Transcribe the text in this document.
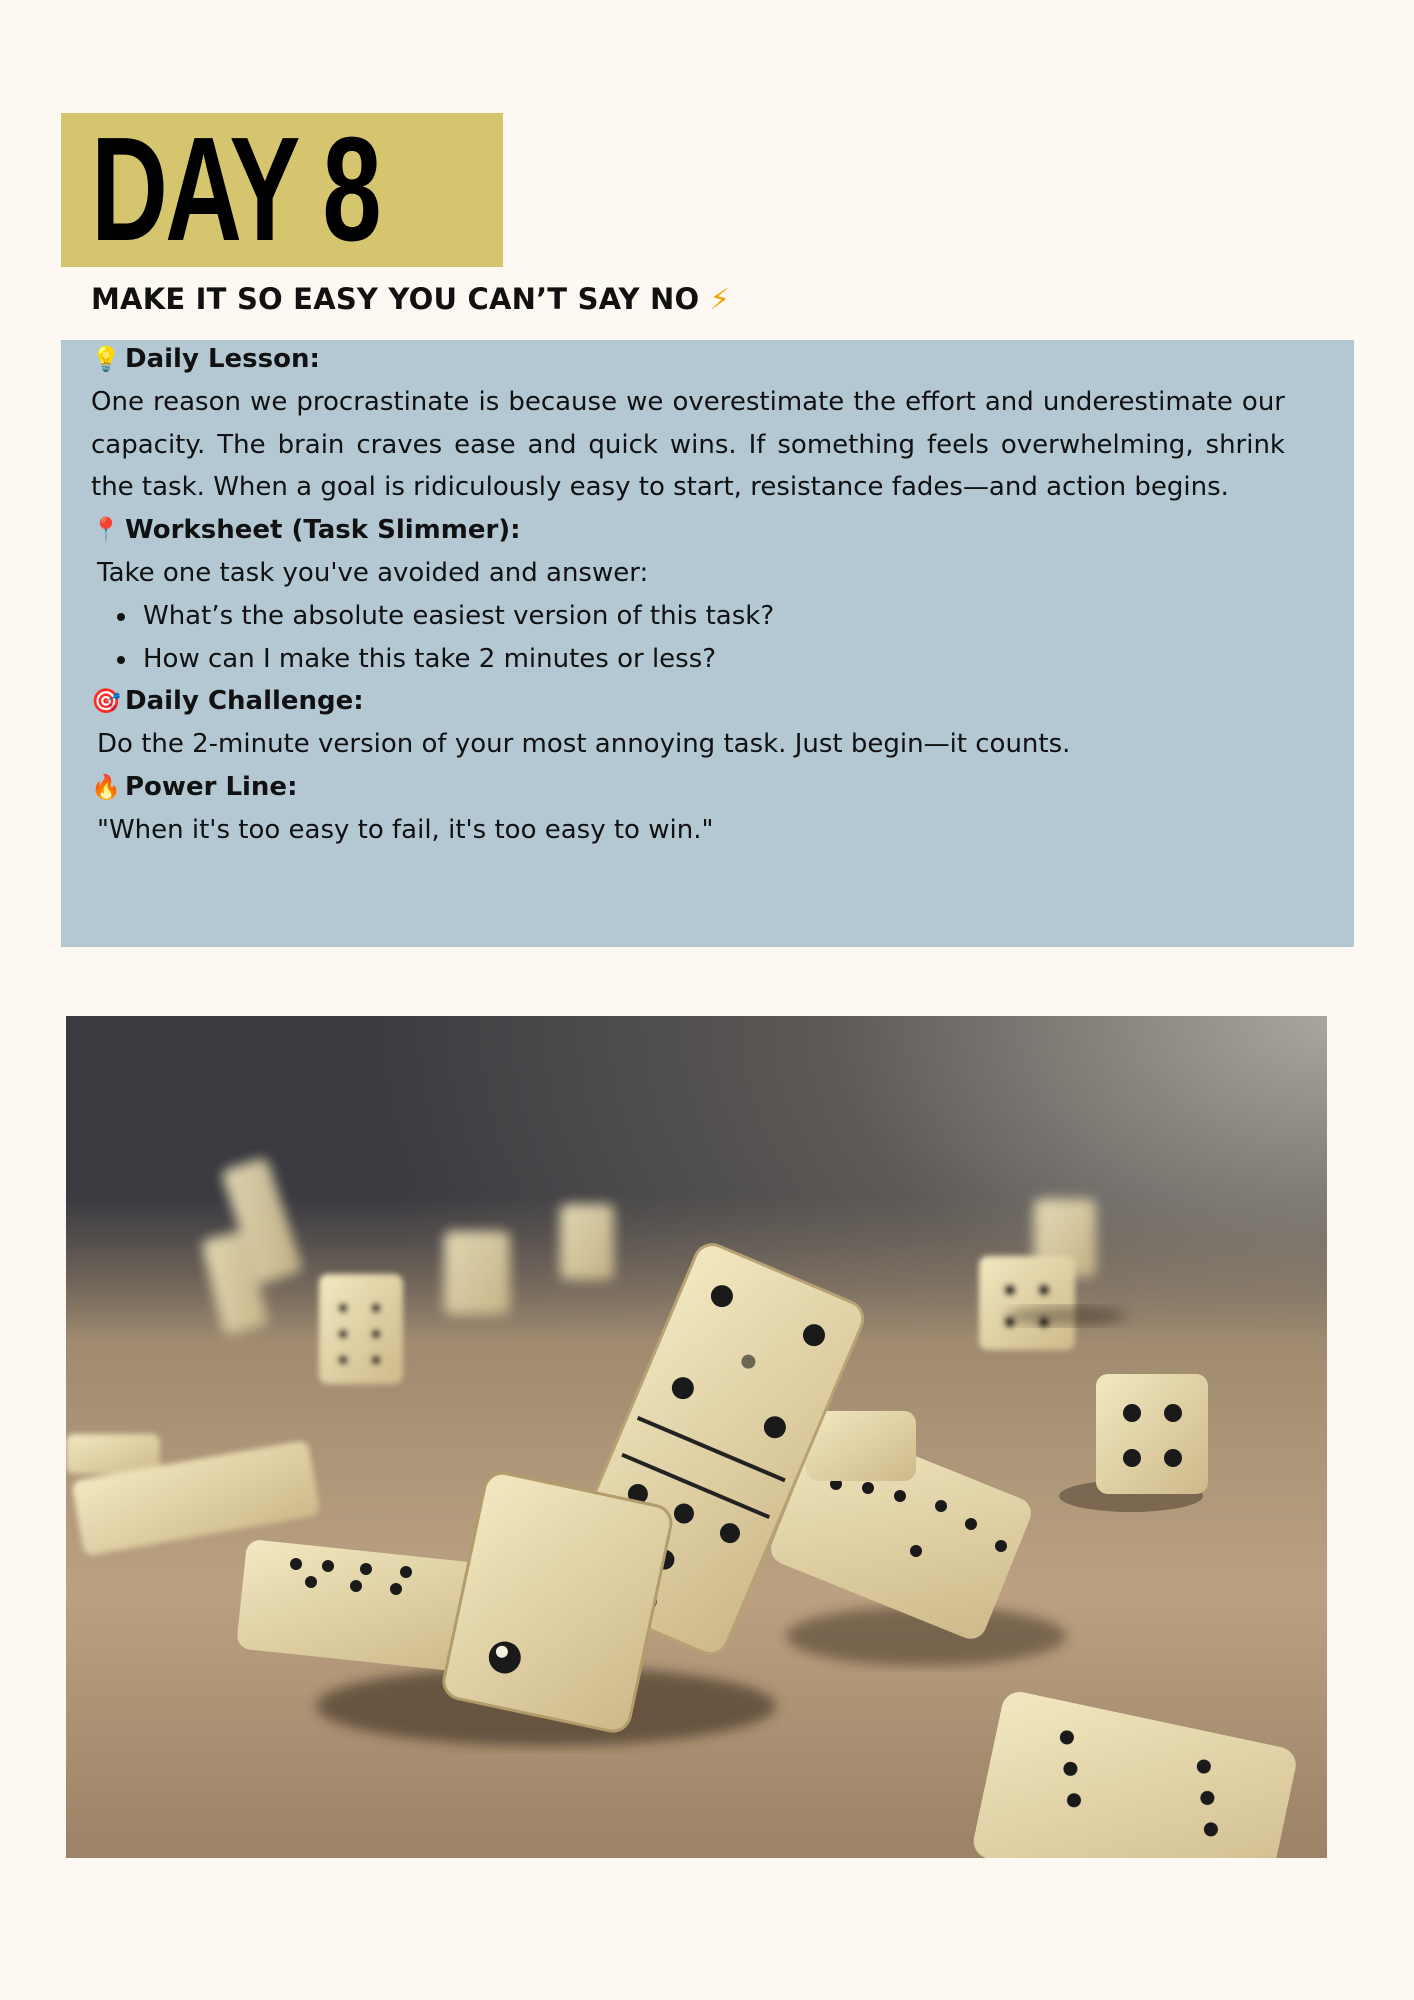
DAY 8
MAKE IT SO EASY YOU CAN’T SAY NO ⚡

💡 Daily Lesson:

One reason we procrastinate is because we overestimate the effort and underestimate our capacity. The brain craves ease and quick wins. If something feels overwhelming, shrink the task. When a goal is ridiculously easy to start, resistance fades—and action begins.

📍 Worksheet (Task Slimmer):

Take one task you've avoided and answer:

• What’s the absolute easiest version of this task?
• How can I make this take 2 minutes or less?

🎯 Daily Challenge:

Do the 2-minute version of your most annoying task. Just begin—it counts.

🔥 Power Line:

"When it's too easy to fail, it's too easy to win."
